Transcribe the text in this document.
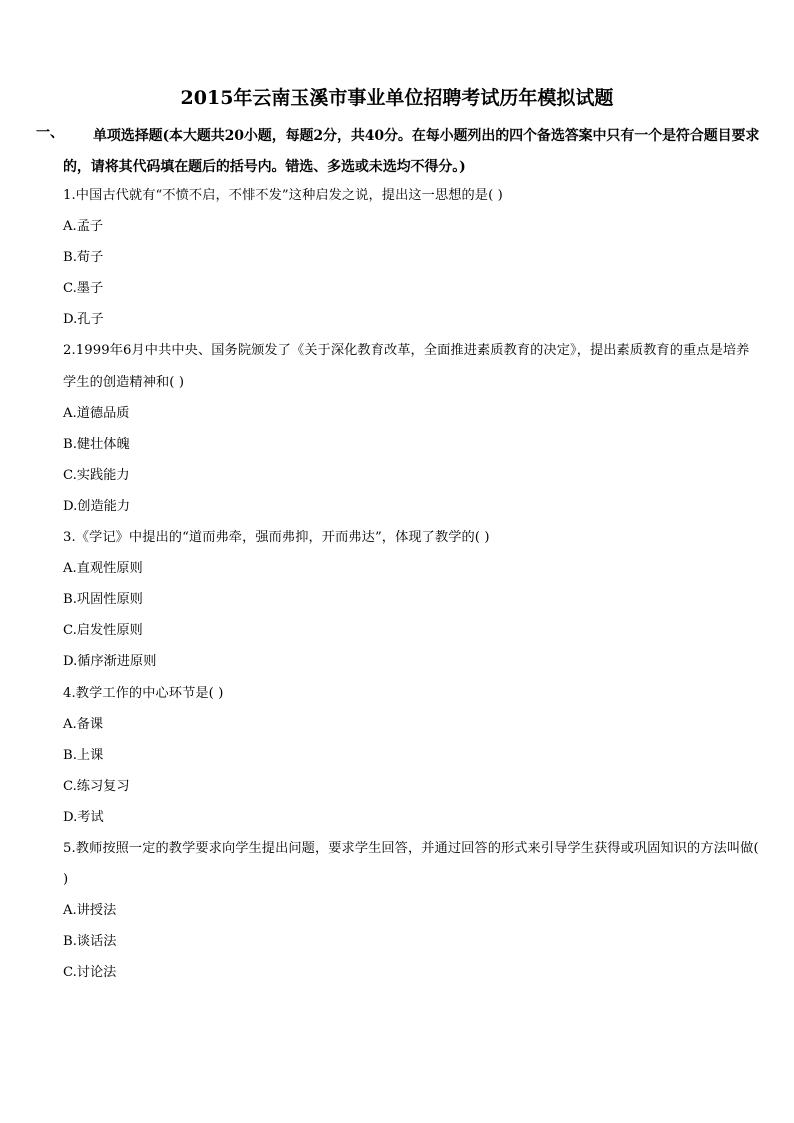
2015年云南玉溪市事业单位招聘考试历年模拟试题
一、	单项选择题(本大题共20小题，每题2分，共40分。在每小题列出的四个备选答案中只有一个是符合题目要求的，请将其代码填在题后的括号内。错选、多选或未选均不得分。)
1.中国古代就有“不愤不启，不悱不发”这种启发之说，提出这一思想的是( )
A.孟子
B.荀子
C.墨子
D.孔子
2.1999年6月中共中央、国务院颁发了《关于深化教育改革，全面推进素质教育的决定》，提出素质教育的重点是培养学生的创造精神和( )
A.道德品质
B.健壮体魄
C.实践能力
D.创造能力
3.《学记》中提出的“道而弗牵，强而弗抑，开而弗达”，体现了教学的( )
A.直观性原则
B.巩固性原则
C.启发性原则
D.循序渐进原则
4.教学工作的中心环节是( )
A.备课
B.上课
C.练习复习
D.考试
5.教师按照一定的教学要求向学生提出问题，要求学生回答，并通过回答的形式来引导学生获得或巩固知识的方法叫做( )
A.讲授法
B.谈话法
C.讨论法
